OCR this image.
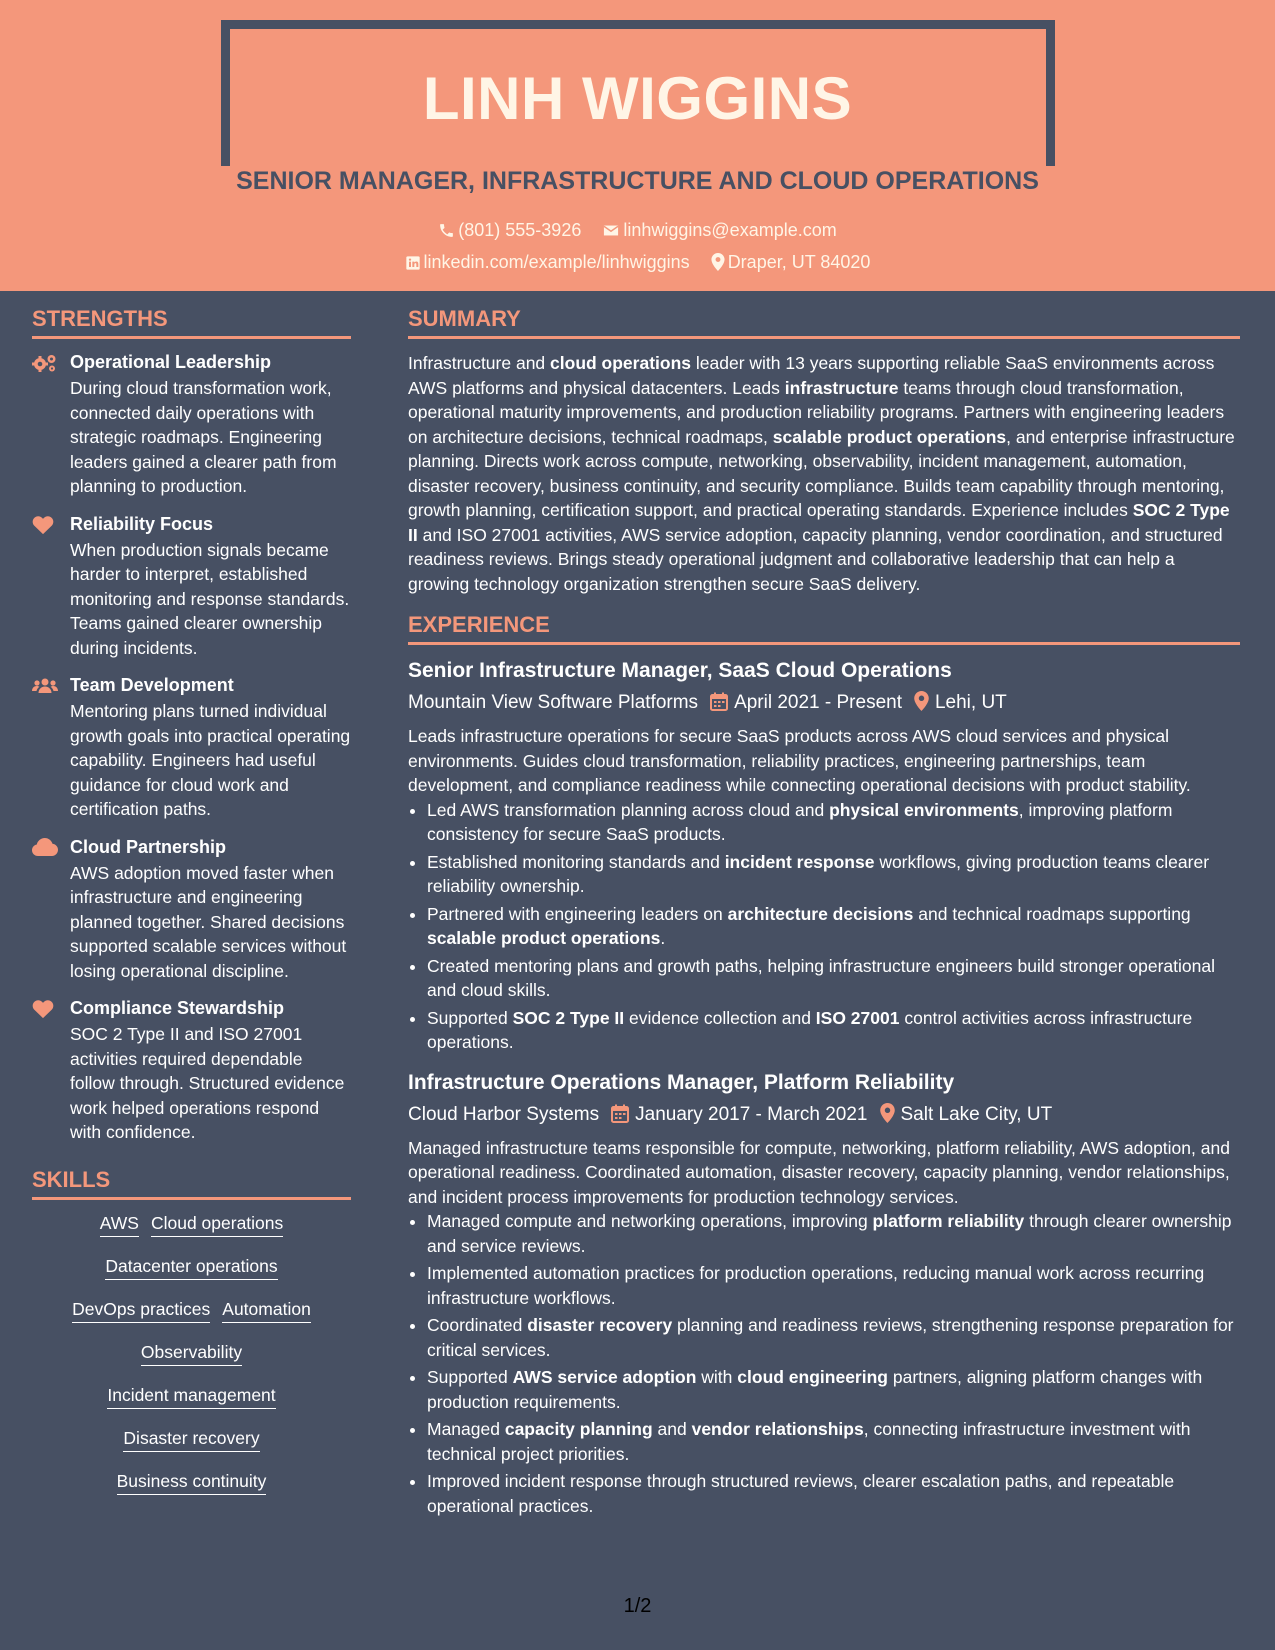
LINH WIGGINS
SENIOR MANAGER, INFRASTRUCTURE AND CLOUD OPERATIONS
(801) 555-3926 linhwiggins@example.com
linkedin.com/example/linhwiggins Draper, UT 84020
STRENGTHS
Operational Leadership
During cloud transformation work, connected daily operations with strategic roadmaps. Engineering leaders gained a clearer path from planning to production.
Reliability Focus
When production signals became harder to interpret, established monitoring and response standards. Teams gained clearer ownership during incidents.
Team Development
Mentoring plans turned individual growth goals into practical operating capability. Engineers had useful guidance for cloud work and certification paths.
Cloud Partnership
AWS adoption moved faster when infrastructure and engineering planned together. Shared decisions supported scalable services without losing operational discipline.
Compliance Stewardship
SOC 2 Type II and ISO 27001 activities required dependable follow through. Structured evidence work helped operations respond with confidence.
SKILLS
AWS Cloud operations
Datacenter operations
DevOps practices Automation
Observability
Incident management
Disaster recovery
Business continuity
SUMMARY
Infrastructure and cloud operations leader with 13 years supporting reliable SaaS environments across AWS platforms and physical datacenters. Leads infrastructure teams through cloud transformation, operational maturity improvements, and production reliability programs. Partners with engineering leaders on architecture decisions, technical roadmaps, scalable product operations, and enterprise infrastructure planning. Directs work across compute, networking, observability, incident management, automation, disaster recovery, business continuity, and security compliance. Builds team capability through mentoring, growth planning, certification support, and practical operating standards. Experience includes SOC 2 Type II and ISO 27001 activities, AWS service adoption, capacity planning, vendor coordination, and structured readiness reviews. Brings steady operational judgment and collaborative leadership that can help a growing technology organization strengthen secure SaaS delivery.
EXPERIENCE
Senior Infrastructure Manager, SaaS Cloud Operations
Mountain View Software Platforms April 2021 - Present Lehi, UT
Leads infrastructure operations for secure SaaS products across AWS cloud services and physical environments. Guides cloud transformation, reliability practices, engineering partnerships, team development, and compliance readiness while connecting operational decisions with product stability.
• Led AWS transformation planning across cloud and physical environments, improving platform consistency for secure SaaS products.
• Established monitoring standards and incident response workflows, giving production teams clearer reliability ownership.
• Partnered with engineering leaders on architecture decisions and technical roadmaps supporting scalable product operations.
• Created mentoring plans and growth paths, helping infrastructure engineers build stronger operational and cloud skills.
• Supported SOC 2 Type II evidence collection and ISO 27001 control activities across infrastructure operations.
Infrastructure Operations Manager, Platform Reliability
Cloud Harbor Systems January 2017 - March 2021 Salt Lake City, UT
Managed infrastructure teams responsible for compute, networking, platform reliability, AWS adoption, and operational readiness. Coordinated automation, disaster recovery, capacity planning, vendor relationships, and incident process improvements for production technology services.
• Managed compute and networking operations, improving platform reliability through clearer ownership and service reviews.
• Implemented automation practices for production operations, reducing manual work across recurring infrastructure workflows.
• Coordinated disaster recovery planning and readiness reviews, strengthening response preparation for critical services.
• Supported AWS service adoption with cloud engineering partners, aligning platform changes with production requirements.
• Managed capacity planning and vendor relationships, connecting infrastructure investment with technical project priorities.
• Improved incident response through structured reviews, clearer escalation paths, and repeatable operational practices.
1/2
